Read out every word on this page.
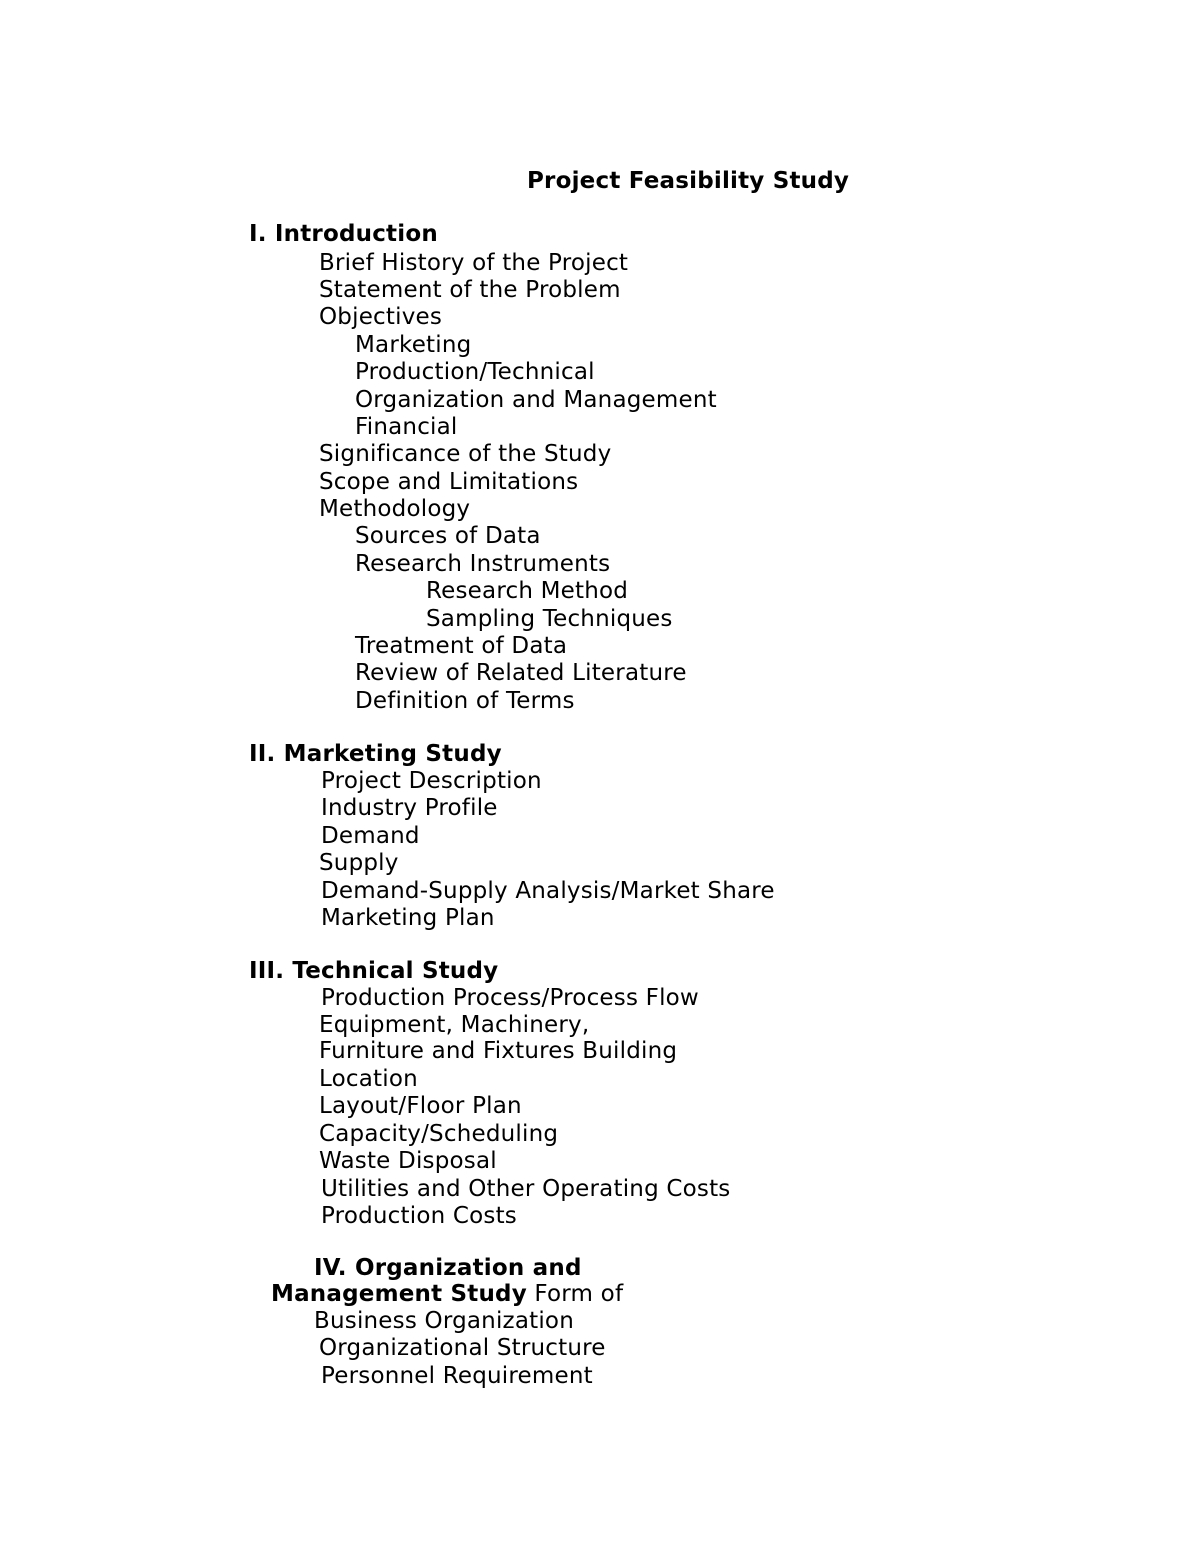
Project Feasibility Study
I. Introduction
Brief History of the Project
Statement of the Problem
Objectives
Marketing
Production/Technical
Organization and Management
Financial
Significance of the Study
Scope and Limitations
Methodology
Sources of Data
Research Instruments
Research Method
Sampling Techniques
Treatment of Data
Review of Related Literature
Definition of Terms
II. Marketing Study
Project Description
Industry Profile
Demand
Supply
Demand-Supply Analysis/Market Share
Marketing Plan
III. Technical Study
Production Process/Process Flow
Equipment, Machinery,
Furniture and Fixtures Building
Location
Layout/Floor Plan
Capacity/Scheduling
Waste Disposal
Utilities and Other Operating Costs
Production Costs
IV. Organization and
Management Study Form of
Business Organization
Organizational Structure
Personnel Requirement
